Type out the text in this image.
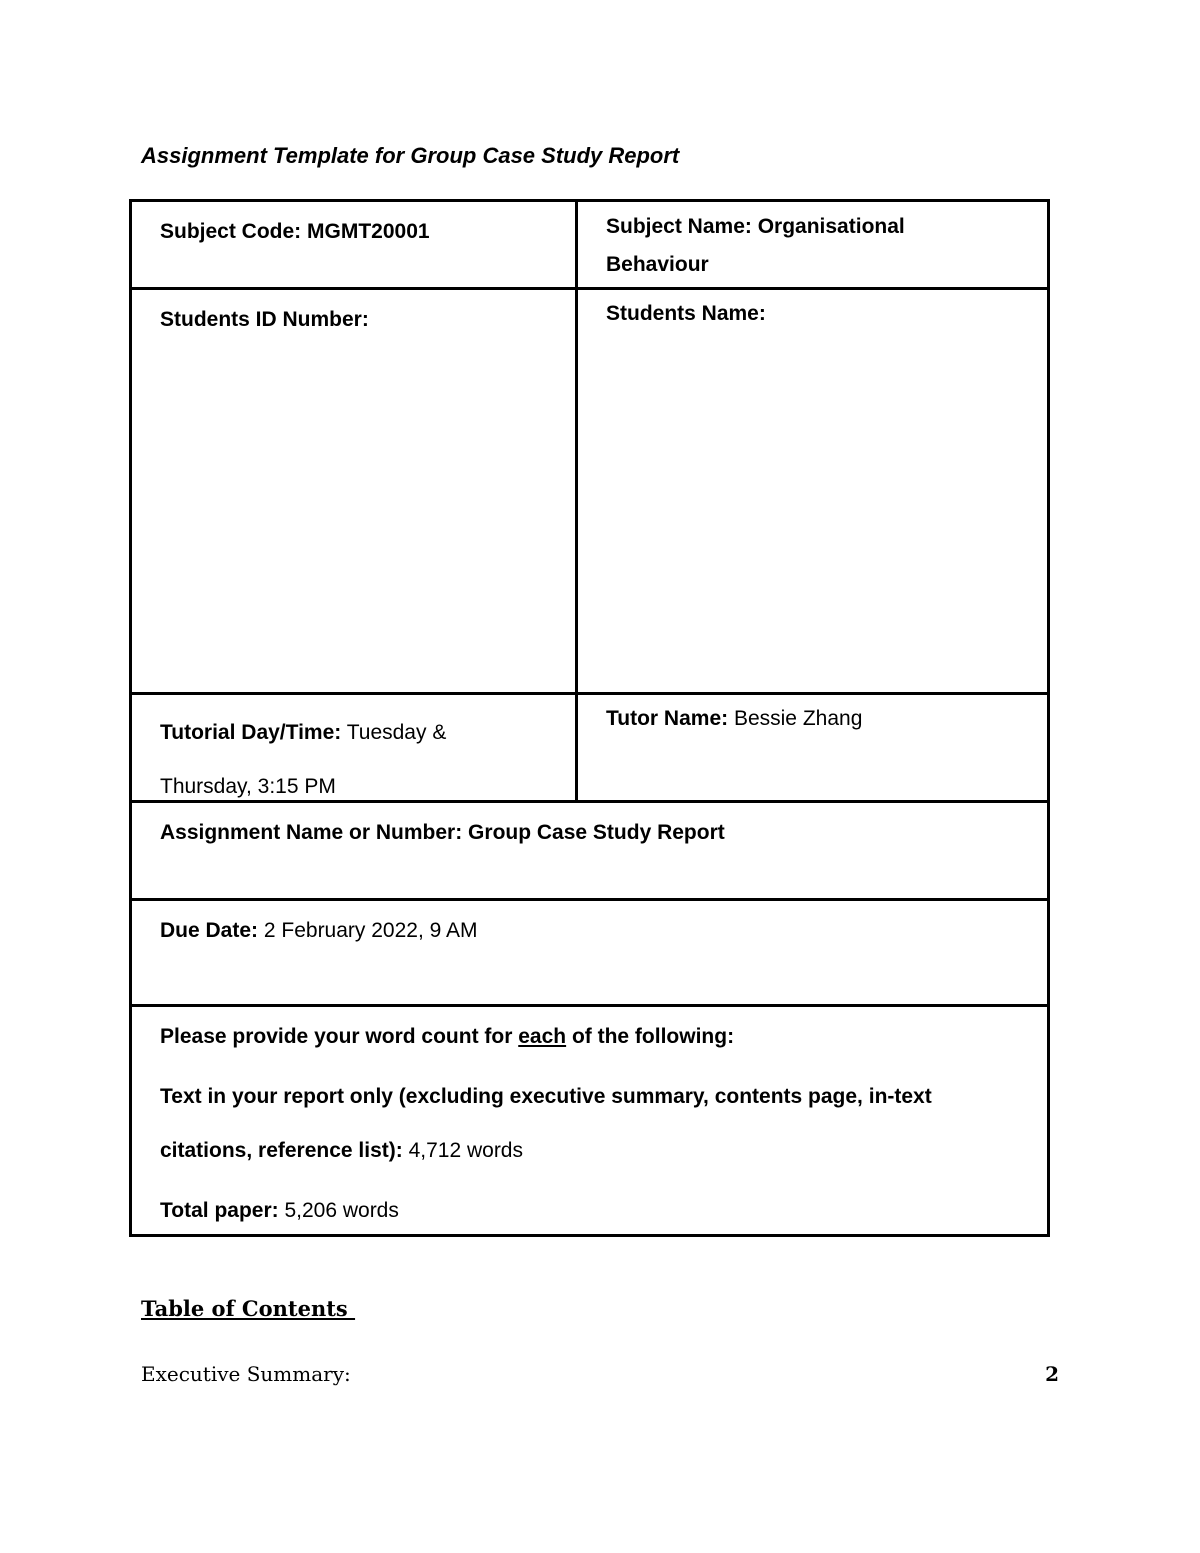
Assignment Template for Group Case Study Report
Subject Code: MGMT20001	Subject Name: Organisational
Behaviour
Students ID Number:	Students Name:
Tutorial Day/Time: Tuesday &
Thursday, 3:15 PM
Tutor Name: Bessie Zhang
Assignment Name or Number: Group Case Study Report
Due Date: 2 February 2022, 9 AM
Please provide your word count for each of the following:
Text in your report only (excluding executive summary, contents page, in-text
citations, reference list): 4,712 words
Total paper: 5,206 words
Table of Contents
Executive Summary:	2
